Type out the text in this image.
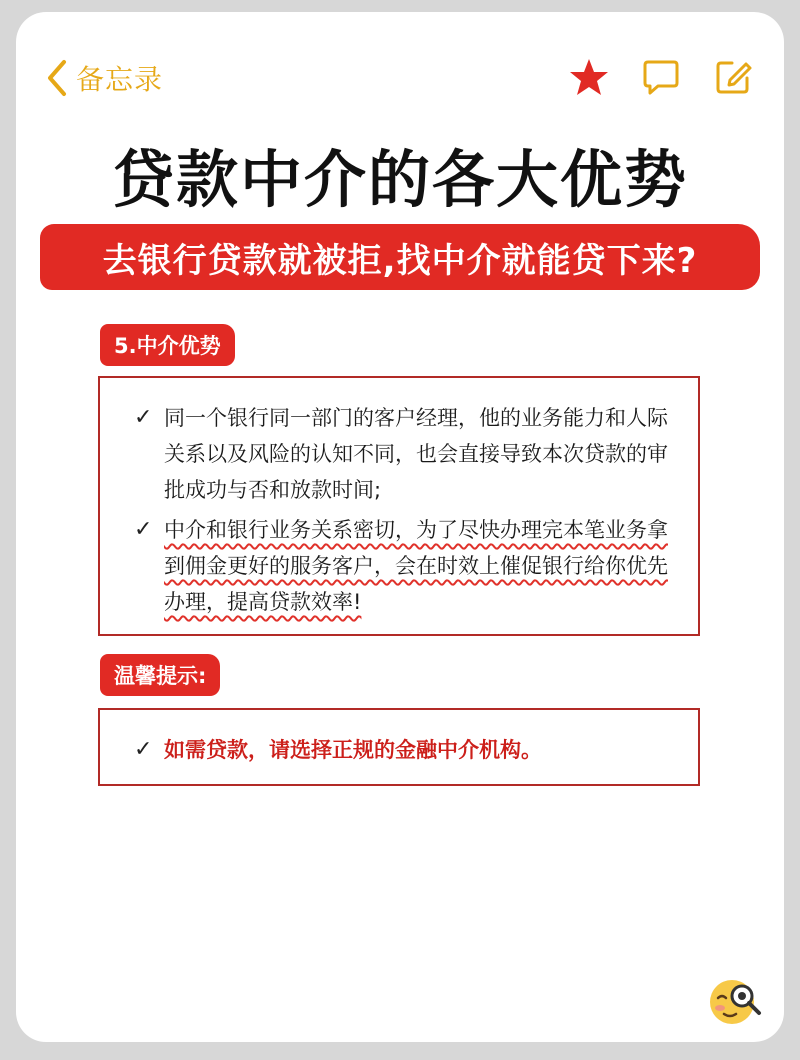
备忘录
贷款中介的各大优势
去银行贷款就被拒,找中介就能贷下来?
5.中介优势
✓ 同一个银行同一部门的客户经理，他的业务能力和人际关系以及风险的认知不同，也会直接导致本次贷款的审批成功与否和放款时间;
✓ 中介和银行业务关系密切，为了尽快办理完本笔业务拿到佣金更好的服务客户，会在时效上催促银行给你优先办理，提高贷款效率!
温馨提示:
✓ 如需贷款，请选择正规的金融中介机构。
